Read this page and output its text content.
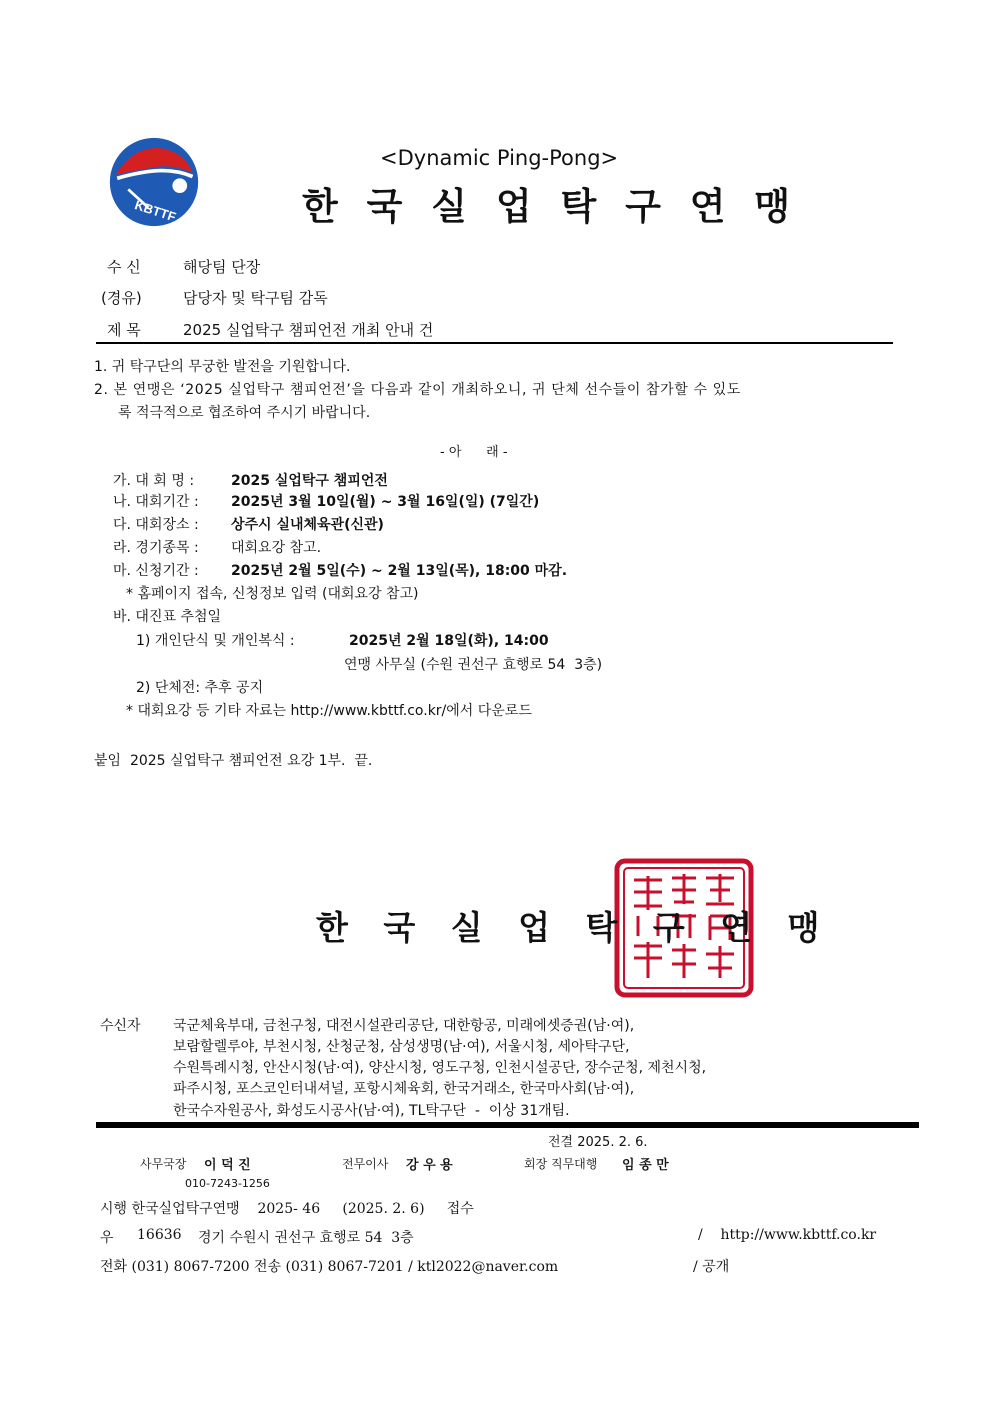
KBTTF
<Dynamic Ping-Pong>
한 국 실 업 탁 구 연 맹
수 신	해당팀 단장
(경유)	담당자 및 탁구팀 감독
제 목	2025 실업탁구 챔피언전 개최 안내 건
1. 귀 탁구단의 무궁한 발전을 기원합니다.
2. 본 연맹은 ‘2025 실업탁구 챔피언전’을 다음과 같이 개최하오니, 귀 단체 선수들이 참가할 수 있도
록 적극적으로 협조하여 주시기 바랍니다.
- 아      래 -
가. 대 회 명 :	2025 실업탁구 챔피언전
나. 대회기간 : 2025년 3월 10일(월) ~ 3월 16일(일) (7일간)
다. 대회장소 : 상주시 실내체육관(신관)
라. 경기종목 : 대회요강 참고.
마. 신청기간 : 2025년 2월 5일(수) ~ 2월 13일(목), 18:00 마감.
* 홈페이지 접속, 신청정보 입력 (대회요강 참고)
바. 대진표 추첨일
1) 개인단식 및 개인복식 :	2025년 2월 18일(화), 14:00
연맹 사무실 (수원 권선구 효행로 54  3층)
2) 단체전: 추후 공지
* 대회요강 등 기타 자료는 http://www.kbttf.co.kr/에서 다운로드
붙임  2025 실업탁구 챔피언전 요강 1부.  끝.
한 국 실 업 탁 구 연 맹
수신자 국군체육부대, 금천구청, 대전시설관리공단, 대한항공, 미래에셋증권(남·여),
보람할렐루야, 부천시청, 산청군청, 삼성생명(남·여), 서울시청, 세아탁구단,
수원특례시청, 안산시청(남·여), 양산시청, 영도구청, 인천시설공단, 장수군청, 제천시청,
파주시청, 포스코인터내셔널, 포항시체육회, 한국거래소, 한국마사회(남·여),
한국수자원공사, 화성도시공사(남·여), TL탁구단  -  이상 31개팀.
전결 2025. 2. 6.
사무국장 이 덕 진	전무이사 강 우 용	회장 직무대행 임 종 만
010-7243-1256
시행 한국실업탁구연맹    2025- 46     (2025. 2. 6)     접수
우 16636 경기 수원시 권선구 효행로 54  3층	/    http://www.kbttf.co.kr
전화 (031) 8067-7200 전송 (031) 8067-7201 / ktl2022@naver.com	/ 공개
